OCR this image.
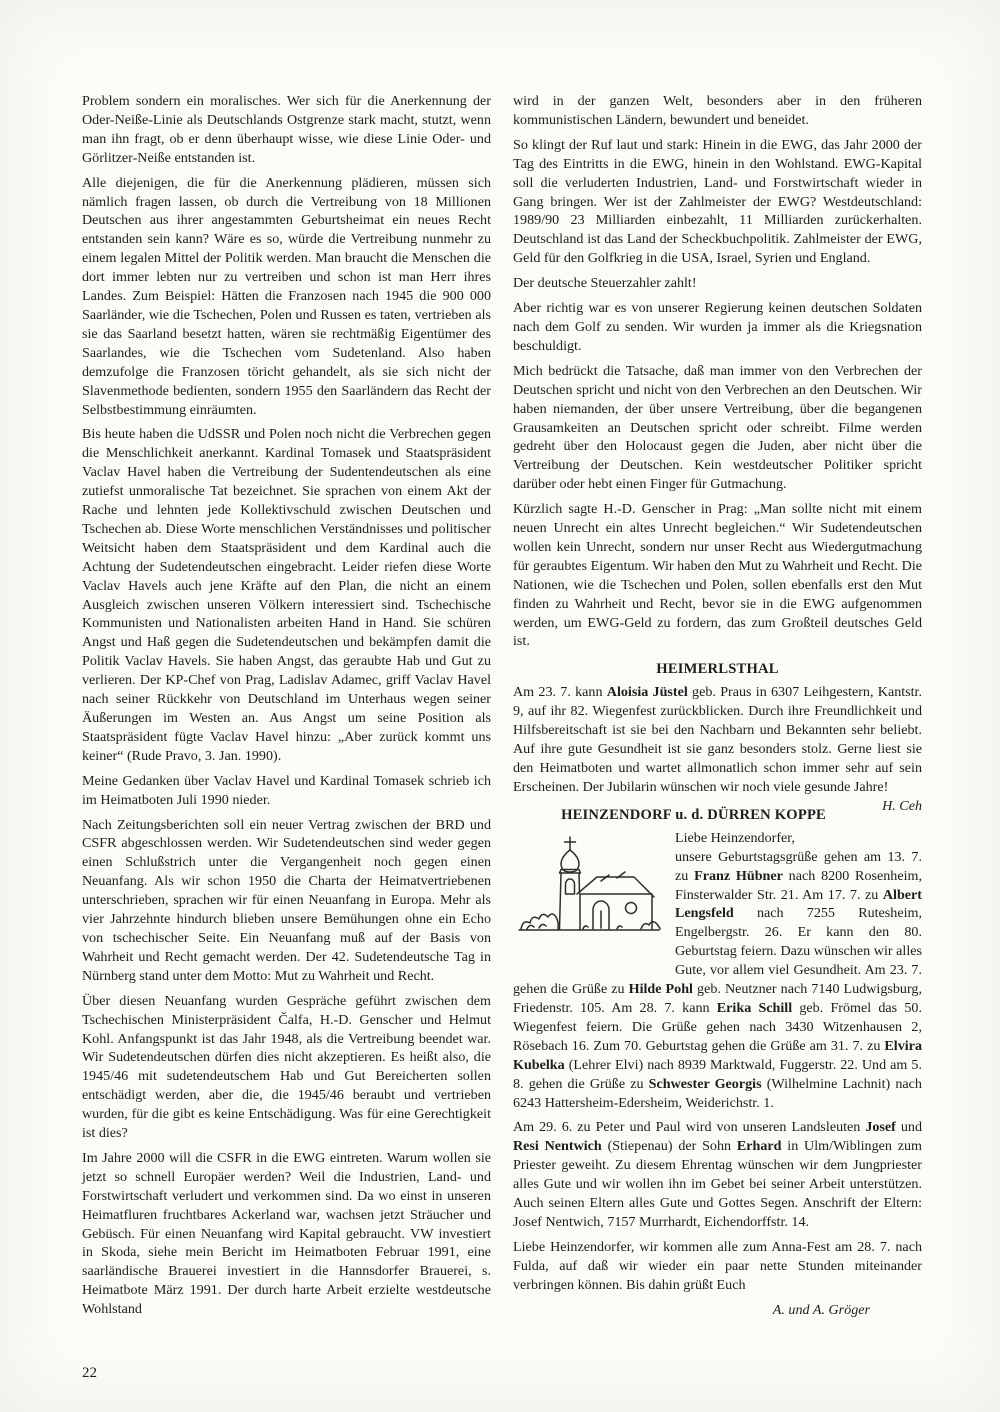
Problem sondern ein moralisches. Wer sich für die Anerkennung der Oder-Neiße-Linie als Deutschlands Ostgrenze stark macht, stutzt, wenn man ihn fragt, ob er denn überhaupt wisse, wie diese Linie Oder- und Görlitzer-Neiße entstanden ist.

Alle diejenigen, die für die Anerkennung plädieren, müssen sich nämlich fragen lassen, ob durch die Vertreibung von 18 Millionen Deutschen aus ihrer angestammten Geburtsheimat ein neues Recht entstanden sein kann? Wäre es so, würde die Vertreibung nunmehr zu einem legalen Mittel der Politik werden. Man braucht die Menschen die dort immer lebten nur zu vertreiben und schon ist man Herr ihres Landes. Zum Beispiel: Hätten die Franzosen nach 1945 die 900 000 Saarländer, wie die Tschechen, Polen und Russen es taten, vertrieben als sie das Saarland besetzt hatten, wären sie rechtmäßig Eigentümer des Saarlandes, wie die Tschechen vom Sudetenland. Also haben demzufolge die Franzosen töricht gehandelt, als sie sich nicht der Slavenmethode bedienten, sondern 1955 den Saarländern das Recht der Selbstbestimmung einräumten.

Bis heute haben die UdSSR und Polen noch nicht die Verbrechen gegen die Menschlichkeit anerkannt. Kardinal Tomasek und Staatspräsident Vaclav Havel haben die Vertreibung der Sudentendeutschen als eine zutiefst unmoralische Tat bezeichnet. Sie sprachen von einem Akt der Rache und lehnten jede Kollektivschuld zwischen Deutschen und Tschechen ab. Diese Worte menschlichen Verständnisses und politischer Weitsicht haben dem Staatspräsident und dem Kardinal auch die Achtung der Sudetendeutschen eingebracht. Leider riefen diese Worte Vaclav Havels auch jene Kräfte auf den Plan, die nicht an einem Ausgleich zwischen unseren Völkern interessiert sind. Tschechische Kommunisten und Nationalisten arbeiten Hand in Hand. Sie schüren Angst und Haß gegen die Sudetendeutschen und bekämpfen damit die Politik Vaclav Havels. Sie haben Angst, das geraubte Hab und Gut zu verlieren. Der KP-Chef von Prag, Ladislav Adamec, griff Vaclav Havel nach seiner Rückkehr von Deutschland im Unterhaus wegen seiner Äußerungen im Westen an. Aus Angst um seine Position als Staatspräsident fügte Vaclav Havel hinzu: „Aber zurück kommt uns keiner“ (Rude Pravo, 3. Jan. 1990).

Meine Gedanken über Vaclav Havel und Kardinal Tomasek schrieb ich im Heimatboten Juli 1990 nieder.

Nach Zeitungsberichten soll ein neuer Vertrag zwischen der BRD und CSFR abgeschlossen werden. Wir Sudetendeutschen sind weder gegen einen Schlußstrich unter die Vergangenheit noch gegen einen Neuanfang. Als wir schon 1950 die Charta der Heimatvertriebenen unterschrieben, sprachen wir für einen Neuanfang in Europa. Mehr als vier Jahrzehnte hindurch blieben unsere Bemühungen ohne ein Echo von tschechischer Seite. Ein Neuanfang muß auf der Basis von Wahrheit und Recht gemacht werden. Der 42. Sudetendeutsche Tag in Nürnberg stand unter dem Motto: Mut zu Wahrheit und Recht.

Über diesen Neuanfang wurden Gespräche geführt zwischen dem Tschechischen Ministerpräsident Čalfa, H.-D. Genscher und Helmut Kohl. Anfangspunkt ist das Jahr 1948, als die Vertreibung beendet war. Wir Sudetendeutschen dürfen dies nicht akzeptieren. Es heißt also, die 1945/46 mit sudetendeutschem Hab und Gut Bereicherten sollen entschädigt werden, aber die, die 1945/46 beraubt und vertrieben wurden, für die gibt es keine Entschädigung. Was für eine Gerechtigkeit ist dies?

Im Jahre 2000 will die CSFR in die EWG eintreten. Warum wollen sie jetzt so schnell Europäer werden? Weil die Industrien, Land- und Forstwirtschaft verludert und verkommen sind. Da wo einst in unseren Heimatfluren fruchtbares Ackerland war, wachsen jetzt Sträucher und Gebüsch. Für einen Neuanfang wird Kapital gebraucht. VW investiert in Skoda, siehe mein Bericht im Heimatboten Februar 1991, eine saarländische Brauerei investiert in die Hannsdorfer Brauerei, s. Heimatbote März 1991. Der durch harte Arbeit erzielte westdeutsche Wohlstand

wird in der ganzen Welt, besonders aber in den früheren kommunistischen Ländern, bewundert und beneidet.

So klingt der Ruf laut und stark: Hinein in die EWG, das Jahr 2000 der Tag des Eintritts in die EWG, hinein in den Wohlstand. EWG-Kapital soll die verluderten Industrien, Land- und Forstwirtschaft wieder in Gang bringen. Wer ist der Zahlmeister der EWG? Westdeutschland: 1989/90 23 Milliarden einbezahlt, 11 Milliarden zurückerhalten. Deutschland ist das Land der Scheckbuchpolitik. Zahlmeister der EWG, Geld für den Golfkrieg in die USA, Israel, Syrien und England.

Der deutsche Steuerzahler zahlt!

Aber richtig war es von unserer Regierung keinen deutschen Soldaten nach dem Golf zu senden. Wir wurden ja immer als die Kriegsnation beschuldigt.

Mich bedrückt die Tatsache, daß man immer von den Verbrechen der Deutschen spricht und nicht von den Verbrechen an den Deutschen. Wir haben niemanden, der über unsere Vertreibung, über die begangenen Grausamkeiten an Deutschen spricht oder schreibt. Filme werden gedreht über den Holocaust gegen die Juden, aber nicht über die Vertreibung der Deutschen. Kein westdeutscher Politiker spricht darüber oder hebt einen Finger für Gutmachung.

Kürzlich sagte H.-D. Genscher in Prag: „Man sollte nicht mit einem neuen Unrecht ein altes Unrecht begleichen.“ Wir Sudetendeutschen wollen kein Unrecht, sondern nur unser Recht aus Wiedergutmachung für geraubtes Eigentum. Wir haben den Mut zu Wahrheit und Recht. Die Nationen, wie die Tschechen und Polen, sollen ebenfalls erst den Mut finden zu Wahrheit und Recht, bevor sie in die EWG aufgenommen werden, um EWG-Geld zu fordern, das zum Großteil deutsches Geld ist.

HEIMERLSTHAL

Am 23. 7. kann Aloisia Jüstel geb. Praus in 6307 Leihgestern, Kantstr. 9, auf ihr 82. Wiegenfest zurückblicken. Durch ihre Freundlichkeit und Hilfsbereitschaft ist sie bei den Nachbarn und Bekannten sehr beliebt. Auf ihre gute Gesundheit ist sie ganz besonders stolz. Gerne liest sie den Heimatboten und wartet allmonatlich schon immer sehr auf sein Erscheinen. Der Jubilarin wünschen wir noch viele gesunde Jahre!
H. Ceh

HEINZENDORF u. d. DÜRREN KOPPE

Liebe Heinzendorfer,
unsere Geburtstagsgrüße gehen am 13. 7. zu Franz Hübner nach 8200 Rosenheim, Finsterwalder Str. 21. Am 17. 7. zu Albert Lengsfeld nach 7255 Rutesheim, Engelbergstr. 26. Er kann den 80. Geburtstag feiern. Dazu wünschen wir alles Gute, vor allem viel Gesundheit. Am 23. 7. gehen die Grüße zu Hilde Pohl geb. Neutzner nach 7140 Ludwigsburg, Friedenstr. 105. Am 28. 7. kann Erika Schill geb. Frömel das 50. Wiegenfest feiern. Die Grüße gehen nach 3430 Witzenhausen 2, Rösebach 16. Zum 70. Geburtstag gehen die Grüße am 31. 7. zu Elvira Kubelka (Lehrer Elvi) nach 8939 Marktwald, Fuggerstr. 22. Und am 5. 8. gehen die Grüße zu Schwester Georgis (Wilhelmine Lachnit) nach 6243 Hattersheim-Edersheim, Weiderichstr. 1.

Am 29. 6. zu Peter und Paul wird von unseren Landsleuten Josef und Resi Nentwich (Stiepenau) der Sohn Erhard in Ulm/Wiblingen zum Priester geweiht. Zu diesem Ehrentag wünschen wir dem Jungpriester alles Gute und wir wollen ihn im Gebet bei seiner Arbeit unterstützen. Auch seinen Eltern alles Gute und Gottes Segen. Anschrift der Eltern: Josef Nentwich, 7157 Murrhardt, Eichendorffstr. 14.

Liebe Heinzendorfer, wir kommen alle zum Anna-Fest am 28. 7. nach Fulda, auf daß wir wieder ein paar nette Stunden miteinander verbringen können. Bis dahin grüßt Euch

A. und A. Gröger

22
